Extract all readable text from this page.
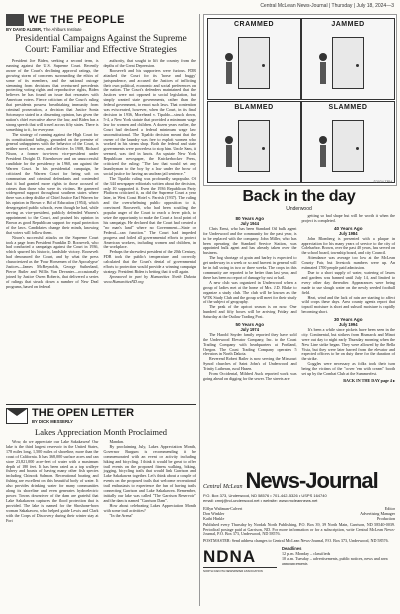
Central McLean News-Journal | Thursday | July 18, 2024—3
WE THE PEOPLE
BY DAVID ALDER, The Ahlburs Institute
Presidential Campaigns Against the Supreme Court: Familiar and Effective Strategies

President Joe Biden, seeking a second term, is running against the U.S. Supreme Court. Recently aware of the Court's declining approval ratings, the growing storm of concerns surrounding the ethics of some of its members, and the national outrage stemming from decisions that overturned precedents protecting voting rights and reproductive rights, Biden believes he has found an issue that resonates with American voters. Fierce criticism of the Court's ruling that presidents possess breathtaking immunity from criminal prosecution, a decision that Justice Sonia Sotomayor stated in a dissenting opinion, has given the nation's chief executive above the law, and Biden has a strong speech that will travel across fifty states. There is something to it, for everyone.

The strategy of running against the High Court for its constitutional failings, grounded on the premise of general unhappiness with the behavior of the Court, is neither novel, nor new, and effective. In 1908, Richard Nixon, a former two-term vice-president under President Dwight D. Eisenhower and an unsuccessful candidate for the presidency in 1960, ran against the Warren Court. In his presidential campaign, he criticized the Warren Court for being soft on communism and criminal defendants and contended that it had granted more rights to those accused of crimes than those who were its victims. He garnered widespread support throughout southern states where there was a deep dislike of Chief Justice Earl Warren for his opinion in Brown v. Bd of Education (1954), which desegregated public schools, even though he had, while serving as vice-president, publicly defended Warren's appointment to the Court, and praised his opinion in Brown as good Republican support for equal protection of the laws. Candidates change their minds, knowing that voters will follow them.

Nixon's successful attacks on the Supreme Court took a page from President Franklin D. Roosevelt, who had conducted a campaign against the Court in 1936, which spurred his historic, landslide victory. Roosevelt had denounced the Court, and by what the press characterized as the 'Four Horsemen of the Apocalypse' Justices—James McReynolds, George Sutherland, Pierce Butler and Willis Van Devanter—occasionally joined by Justice Owen Roberts, that delivered a series of rulings that struck down a number of New Deal programs, based on federal

authority, that sought to lift the country from the depths of the Great Depression.

Roosevelt and his supporters were furious. FDR attacked the Court for its 'horse and buggy' jurisprudence, and accused the Justices of inflicting their own political, economic and social preferences on the nation. The Court's defenders maintained that the Justices were not opposed to social legislation, but simply wanted state governments, rather than the federal government, to enact such laws. That contention was eviscerated, however, when the Court, in its final decision in 1936, Morehead v. Tipaldo—struck down, 5-4, a New York statute that provided a minimum wage law for women and children. A dozen years earlier, the Court had declared a federal minimum wage law unconstitutional. The Tipaldo decision meant that the owner of the laundry was free to exploit women who worked in his steam shop. Both the federal and state governments were powerless to stop him. Uncle Sam, it seemed, was tied in knots. An upstate New York Republican newspaper, the Knickerbocker Press, criticized the ruling: "The law that would set any laundryman to the boy by a law under the brow of social justice for having an unclean jail sentence."

The Tipaldo ruling was profoundly unpopular. Of the 344 newspaper editorials written about the decision, only 10 supported it. Even the 1936 Republican Party Platform criticized it, as did the Supreme Court a year later, in West Coast Hotel v. Parrish (1937). The ruling and the overwhelming public opposition to it, convinced Roosevelt, who had been scuttling the popular anger of the Court to reach a fever pitch, to seize the opportunity to make the Court a focal point of his campaign. He declared that the Court had created a "no man's land" where no Government—State or Federal—can function." The Court had impeded progress and foiled all governmental efforts to protect American workers, including women and children, in the workplace.

Perhaps the shrewdest president of the 20th Century, FDR took the public's temperature and correctly calculated that the Court's denial of governmental efforts to protection would provide a winning campaign strategy. President Biden is betting that it will again.

Sponsored in part by Humanities North Dakota www.HumanitiesND.org

CRAMMED	JAMMED
BLAMMED	SLAMMED
©2024 TPM
Back in the day
Underwood
80 Years Ago
July 1944

Chris Ernst, who has been Standard Oil bulk agent for Underwood and the community for the past year, is to be replaced with the company. John Miller, who has been operating the Standard Service Station, was appointed bulk agent and has already taken over the business.

The hog shortage of grain and barley is expected to get underway in a week or so and harvest in general will be in full swing in two or three weeks. The crops in this community are reported to be better than last year, and there has been no report of damage by rust or hail.

A new club was organized in Underwood when a group of ladies met at the home of Mrs. J.D. Blake to organize a study club. The club will be known as the WTK Study Club and the group will meet for their study of the subject of geography.

The peak of the apricot season is on now. One hundred and fifty boxes will be arriving Friday and Saturday at the Outlaw Trading Post.

50 Years Ago
July 1974

The Harold Snyder family reported they have sold the Underwood Elevator Company, Inc. to the Coast Trading Company with headquarters at Portland, Oregon. The Coast Trading Company operates 5 elevators in North Dakota.

Reverend Robert Bailer is now serving the Missouri Synod churches of Saint John's of Underwood and Trinity Lutheran, rural Hazen.

From Occidental, Mildred Auck reported work was going ahead on digging for the sewer. The streets are

getting so bad shape but will be worth it when the project is completed.

40 Years Ago
July 1984

John Blomberg is presented with a plaque in appreciation for his many years of service to the city of Coleharbor. Brown, over the past 40 years, has served on the school board, township board, and city Council.

Attendance was average too low at the McLean County Fair, but livestock numbers were up. An estimated 1700 people paid admission.

Due to a short supply of water, watering of lawns and gardens was banned until July 14, and limited to every other day thereafter. Appearances were being made to use slough water on the newly seeded football field.

Heat, wind and the lack of rain are starting to affect wild crops these days. Area county agents report that topsoil moisture is short and subsoil moisture is rapidly becoming short.

30 Years Ago
July 1994

It's been a while since pickets have been seen in the city. Continental, but strikers from Bismarck and Minot were out day to night early Thursday morning when the New Line strike began. They were allowed by the Bella Vista, but they were later barred from the elevator and expected officers to be on duty there for the duration of the strike.

Goggles were necessary as folks took their turn being the victims of the "cover 'em with cream" booth set up by the Combat Club at the Summerfest.

BACK IN THE DAY page 4 ▸
THE OPEN LETTER
BY DICK MESSERLY
Lakes Appreciation Month Proclaimed

Wow, do we appreciate our Lake Sakakawea! Our lake is the third largest reservoir in the United States, 178 miles long, 1,500 miles of shoreline, more than the coast of California. It has 368,000 surface acres and can store 23,821,000 acre-feet of water with a maximum depth of 180 feet. It has been rated as a top walleye fishery and boasts of having many other fish species including Chinook Salmon. Recreational boating and fishing are excellent on this beautiful body of water. It also provides drinking water for many communities along its shoreline and even generates hydroelectric power. Towns downriver of the dam are grateful that Lake Sakakawea captures the flood protection that is provided. The lake is named for the Shoshone-born woman Sakakawea, who helped guide Lewis and Clark with the Corps of Discovery during their winter stay at Fort

Mandan.

By proclaiming July, Lakes Appreciation Month, Governor Burgum is recommending it be commemorated with an event or activity including hiking and bicycling. I think it would be great to offer trail events on the proposed fitness walking, biking, jogging, bicycling trails that would link Garrison and Lake Sakakawea together. Let's think about a couple of events on the proposed trails that welcome recreational trail enthusiasts to experience the fun of having trails connecting Garrison and Lake Sakakawea. Remember, initially our lake was called "The Garrison Reservoir" and the dam is named "Garrison Dam".

How about celebrating Lakes Appreciation Month with some trail activities?

"In the Arena"

Central McLean News-Journal
P.O. Box 373, Underwood, ND 58576 • 701-442-5326 • USPS 164740
email: cmnj@nd-underwood.net • website: www.mcleannews.net
Elflyn Waltman-Calvert	Editor
Don Winkler	Advertising Manager
Kathi Hinkle	Production
Published every Thursday by Nordak North Publishing, P.O. Box 39, 39 North Main, Garrison, ND 58540-0039. Periodical postage paid at Garrison, ND. For more information or for a subscription, write Central McLean News-Journal, P.O. Box 373, Underwood, ND 58576.
POSTMASTER: Send address changes to Central McLean News-Journal, P.O. Box 373, Underwood, ND 58576.
NDNA
NORTH DAKOTA NEWSPAPER ASSOCIATION
Deadlines
12 p.m. Monday – classifieds
10 a.m. Tuesday – advertisements, public notices, news and area announcements
